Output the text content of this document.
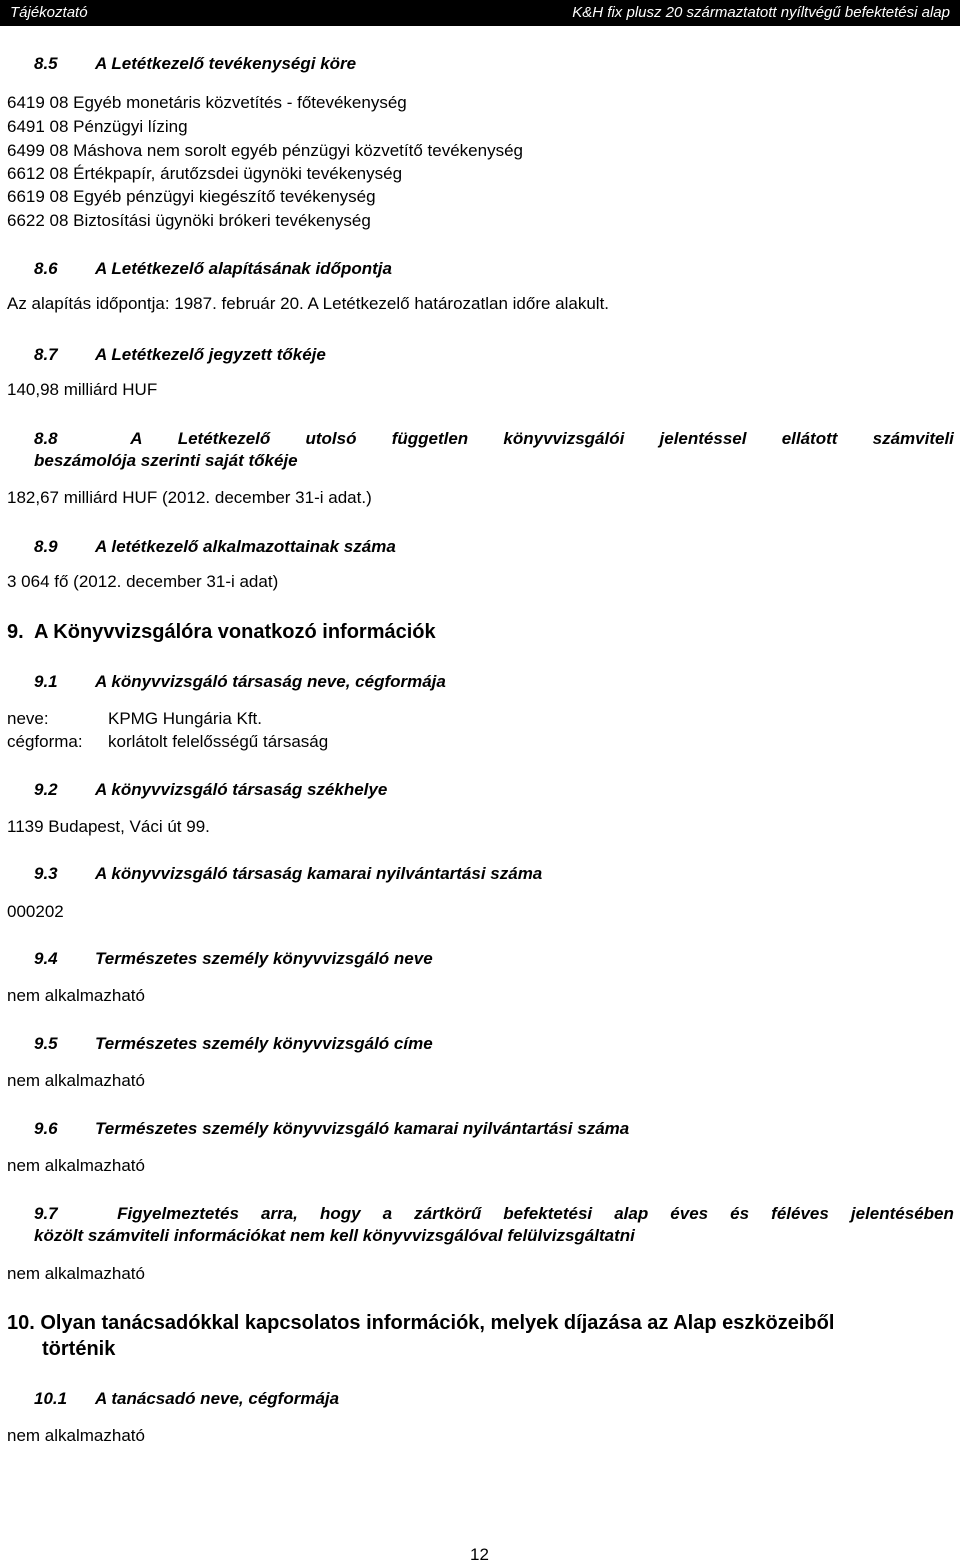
Tájékoztató	K&H fix plusz 20 származtatott nyíltvégű befektetési alap
8.5 A Letétkezelő tevékenységi köre
6419 08 Egyéb monetáris közvetítés - főtevékenység
6491 08 Pénzügyi lízing
6499 08 Máshova nem sorolt egyéb pénzügyi közvetítő tevékenység
6612 08 Értékpapír, árutőzsdei ügynöki tevékenység
6619 08 Egyéb pénzügyi kiegészítő tevékenység
6622 08 Biztosítási ügynöki brókeri tevékenység
8.6 A Letétkezelő alapításának időpontja
Az alapítás időpontja: 1987. február 20. A Letétkezelő határozatlan időre alakult.
8.7 A Letétkezelő jegyzett tőkéje
140,98 milliárd HUF
8.8	A Letétkezelő utolsó független könyvvizsgálói jelentéssel ellátott számviteli
beszámolója szerinti saját tőkéje
182,67 milliárd HUF (2012. december 31-i adat.)
8.9 A letétkezelő alkalmazottainak száma
3 064 fő (2012. december 31-i adat)
9.  A Könyvvizsgálóra vonatkozó információk
9.1 A könyvvizsgáló társaság neve, cégformája
neve:	KPMG Hungária Kft.
cégforma: korlátolt felelősségű társaság
9.2 A könyvvizsgáló társaság székhelye
1139 Budapest, Váci út 99.
9.3 A könyvvizsgáló társaság kamarai nyilvántartási száma
000202
9.4 Természetes személy könyvvizsgáló neve
nem alkalmazható
9.5 Természetes személy könyvvizsgáló címe
nem alkalmazható
9.6 Természetes személy könyvvizsgáló kamarai nyilvántartási száma
nem alkalmazható
9.7	Figyelmeztetés arra, hogy a zártkörű befektetési alap éves és féléves jelentésében
közölt számviteli információkat nem kell könyvvizsgálóval felülvizsgáltatni
nem alkalmazható
10. Olyan tanácsadókkal kapcsolatos információk, melyek díjazása az Alap eszközeiből
történik
10.1 A tanácsadó neve, cégformája
nem alkalmazható
12
